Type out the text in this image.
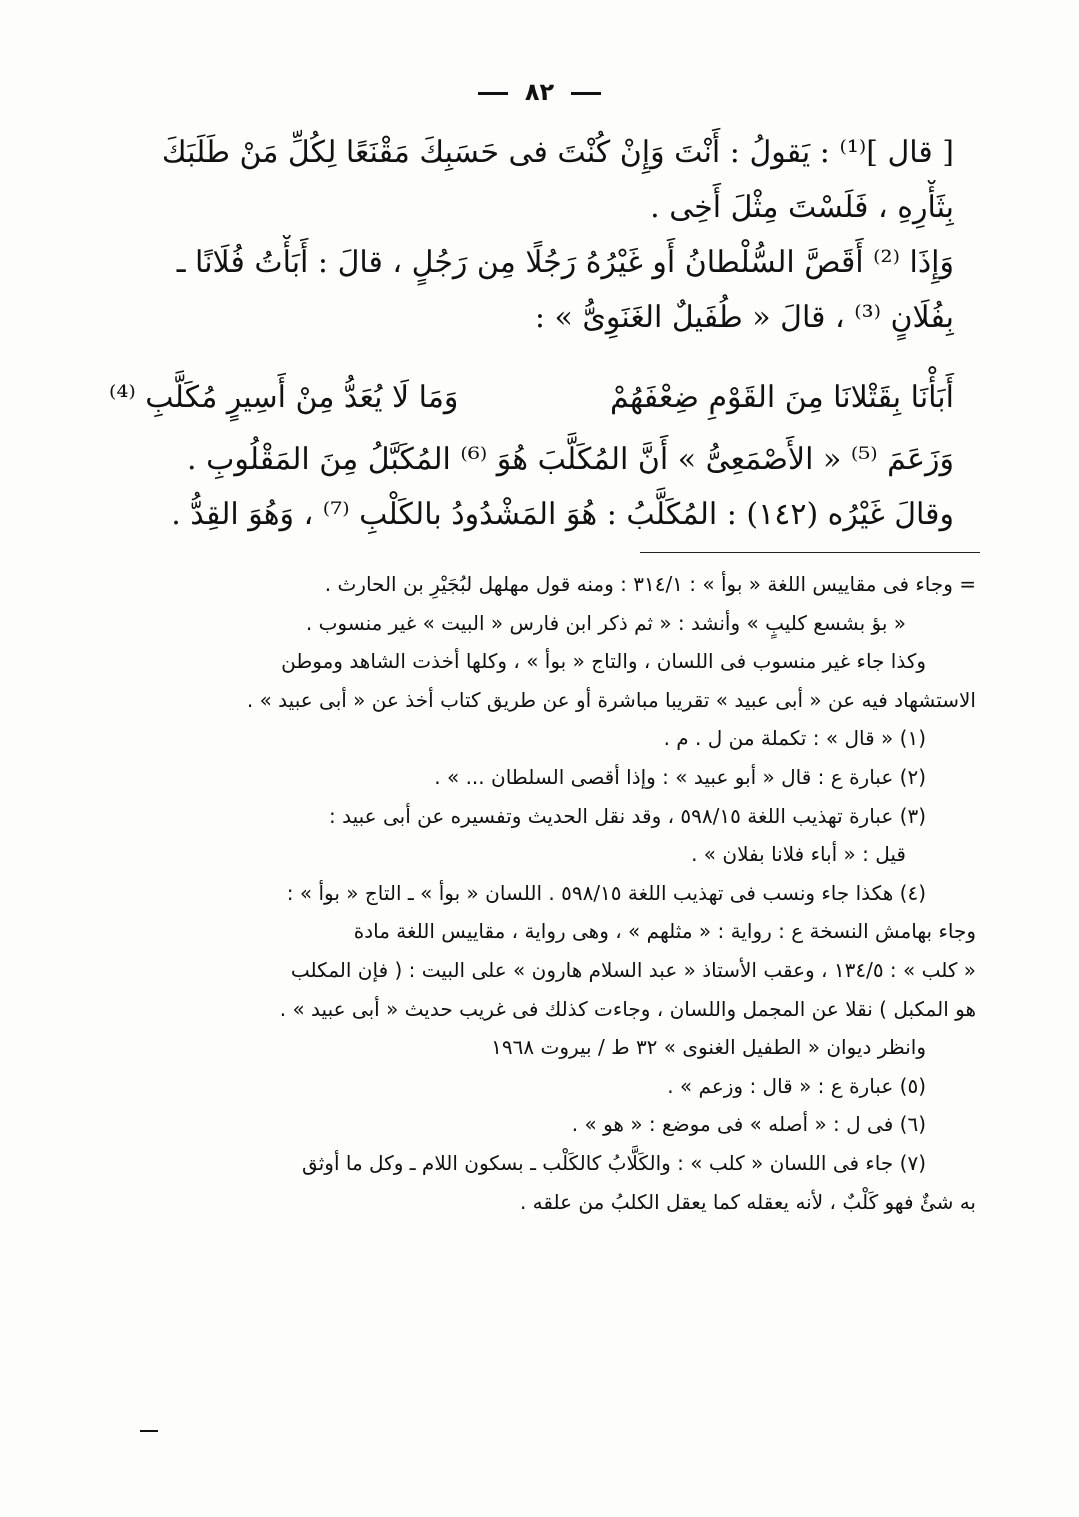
٨٢
[ قال ]⁽¹⁾ : يَقولُ : أَنْتَ وَإِنْ كُنْتَ فى حَسَبِكَ مَقْنَعًا لِكُلِّ مَنْ طَلَبَكَ
بِثَأْرِهِ ، فَلَسْتَ مِثْلَ أَخِى .
وَإِذَا ⁽²⁾ أَقَصَّ السُّلْطانُ أَو غَيْرُهُ رَجُلًا مِن رَجُلٍ ، قالَ : أَبَأْتُ فُلَانًا ـ
بِفُلَانٍ ⁽³⁾ ، قالَ « طُفَيلٌ الغَنَوِىُّ » :
أَبَأْنَا بِقَتْلانَا مِنَ القَوْمِ ضِعْفَهُمْ
وَمَا لَا يُعَدُّ مِنْ أَسِيرٍ مُكَلَّبِ ⁽⁴⁾
وَزَعَمَ ⁽⁵⁾ « الأَصْمَعِىُّ » أَنَّ المُكَلَّبَ هُوَ ⁽⁶⁾ المُكَبَّلُ مِنَ المَقْلُوبِ .
وقالَ غَيْرُه (١٤٢) : المُكَلَّبُ : هُوَ المَشْدُودُ بالكَلْبِ ⁽⁷⁾ ، وَهُوَ القِدُّ .
= وجاء فى مقاييس اللغة « بوأ » : ٣١٤/١ : ومنه قول مهلهل لبُجَيْرِ بن الحارث .
« بؤ بشسع كليبٍ » وأنشد : « ثم ذكر ابن فارس « البيت » غير منسوب .
وكذا جاء غير منسوب فى اللسان ، والتاج « بوأ » ، وكلها أخذت الشاهد وموطن
الاستشهاد فيه عن « أبى عبيد » تقريبا مباشرة أو عن طريق كتاب أخذ عن « أبى عبيد » .
(١) « قال » : تكملة من ل . م .
(٢) عبارة ع : قال « أبو عبيد » : وإذا أقصى السلطان ... » .
(٣) عبارة تهذيب اللغة ٥٩٨/١٥ ، وقد نقل الحديث وتفسيره عن أبى عبيد :
قيل : « أباء فلانا بفلان » .
(٤) هكذا جاء ونسب فى تهذيب اللغة ٥٩٨/١٥ . اللسان « بوأ » ـ التاج « بوأ » :
وجاء بهامش النسخة ع : رواية : « مثلهم » ، وهى رواية ، مقاييس اللغة مادة
« كلب » : ١٣٤/٥ ، وعقب الأستاذ « عبد السلام هارون » على البيت : ( فإن المكلب
هو المكبل ) نقلا عن المجمل واللسان ، وجاءت كذلك فى غريب حديث « أبى عبيد » .
وانظر ديوان « الطفيل الغنوى » ٣٢ ط / بيروت ١٩٦٨
(٥) عبارة ع : « قال : وزعم » .
(٦) فى ل : « أصله » فى موضع : « هو » .
(٧) جاء فى اللسان « كلب » : والكَلَّابُ كالكَلْب ـ بسكون اللام ـ وكل ما أوثق
به شئٌ فهو كَلْبٌ ، لأنه يعقله كما يعقل الكلبُ من علقه .
